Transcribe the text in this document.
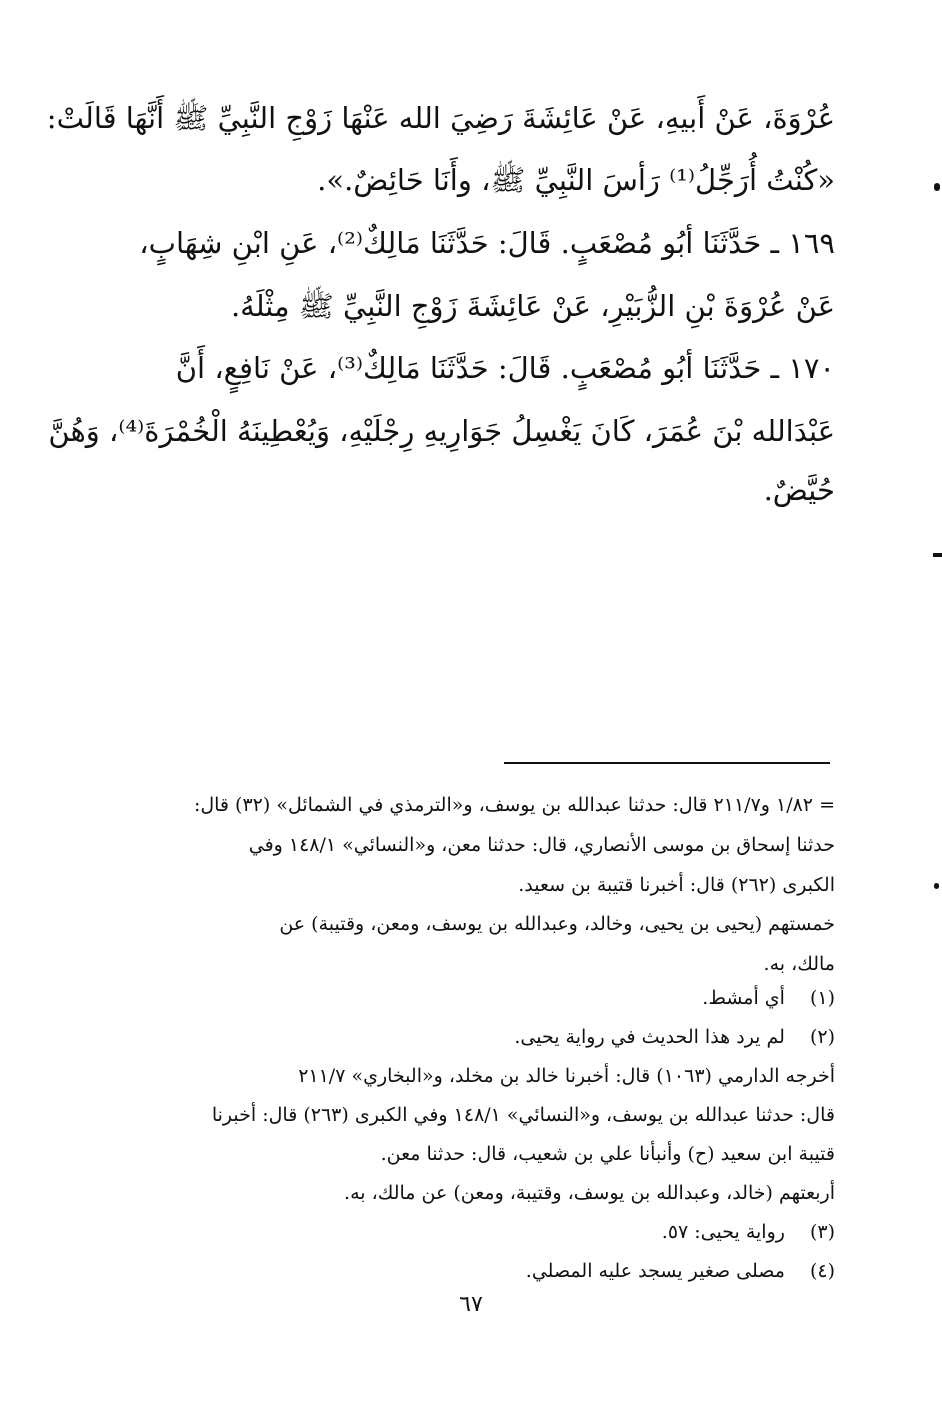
عُرْوَةَ، عَنْ أَبيهِ، عَنْ عَائِشَةَ رَضِيَ الله عَنْهَا زَوْجِ النَّبِيِّ ﷺ أَنَّهَا قَالَتْ:
«كُنْتُ أُرَجِّلُ⁽¹⁾ رَأسَ النَّبِيِّ ﷺ، وأَنَا حَائِضٌ.».
١٦٩ ـ حَدَّثَنَا أبُو مُصْعَبٍ. قَالَ: حَدَّثَنَا مَالِكٌ⁽²⁾، عَنِ ابْنِ شِهَابٍ،
عَنْ عُرْوَةَ بْنِ الزُّبَيْرِ، عَنْ عَائِشَةَ زَوْجِ النَّبِيِّ ﷺ مِثْلَهُ.
١٧٠ ـ حَدَّثَنَا أبُو مُصْعَبٍ. قَالَ: حَدَّثَنَا مَالِكٌ⁽³⁾، عَنْ نَافِعٍ، أَنَّ
عَبْدَالله بْنَ عُمَرَ، كَانَ يَغْسِلُ جَوَارِيهِ رِجْلَيْهِ، وَيُعْطِينَهُ الْخُمْرَةَ⁽⁴⁾، وَهُنَّ
حُيَّضٌ.
= ١/٨٢ و٢١١/٧ قال: حدثنا عبدالله بن يوسف، و«الترمذي في الشمائل» (٣٢) قال:
حدثنا إسحاق بن موسى الأنصاري، قال: حدثنا معن، و«النسائي» ١٤٨/١ وفي
الكبرى (٢٦٢) قال: أخبرنا قتيبة بن سعيد.
خمستهم (يحيى بن يحيى، وخالد، وعبدالله بن يوسف، ومعن، وقتيبة) عن
مالك، به.
(١) أي أمشط.
(٢) لم يرد هذا الحديث في رواية يحيى.
أخرجه الدارمي (١٠٦٣) قال: أخبرنا خالد بن مخلد، و«البخاري» ٢١١/٧
قال: حدثنا عبدالله بن يوسف، و«النسائي» ١٤٨/١ وفي الكبرى (٢٦٣) قال: أخبرنا
قتيبة ابن سعيد (ح) وأنبأنا علي بن شعيب، قال: حدثنا معن.
أربعتهم (خالد، وعبدالله بن يوسف، وقتيبة، ومعن) عن مالك، به.
(٣) رواية يحيى: ٥٧.
(٤) مصلى صغير يسجد عليه المصلي.
٦٧
